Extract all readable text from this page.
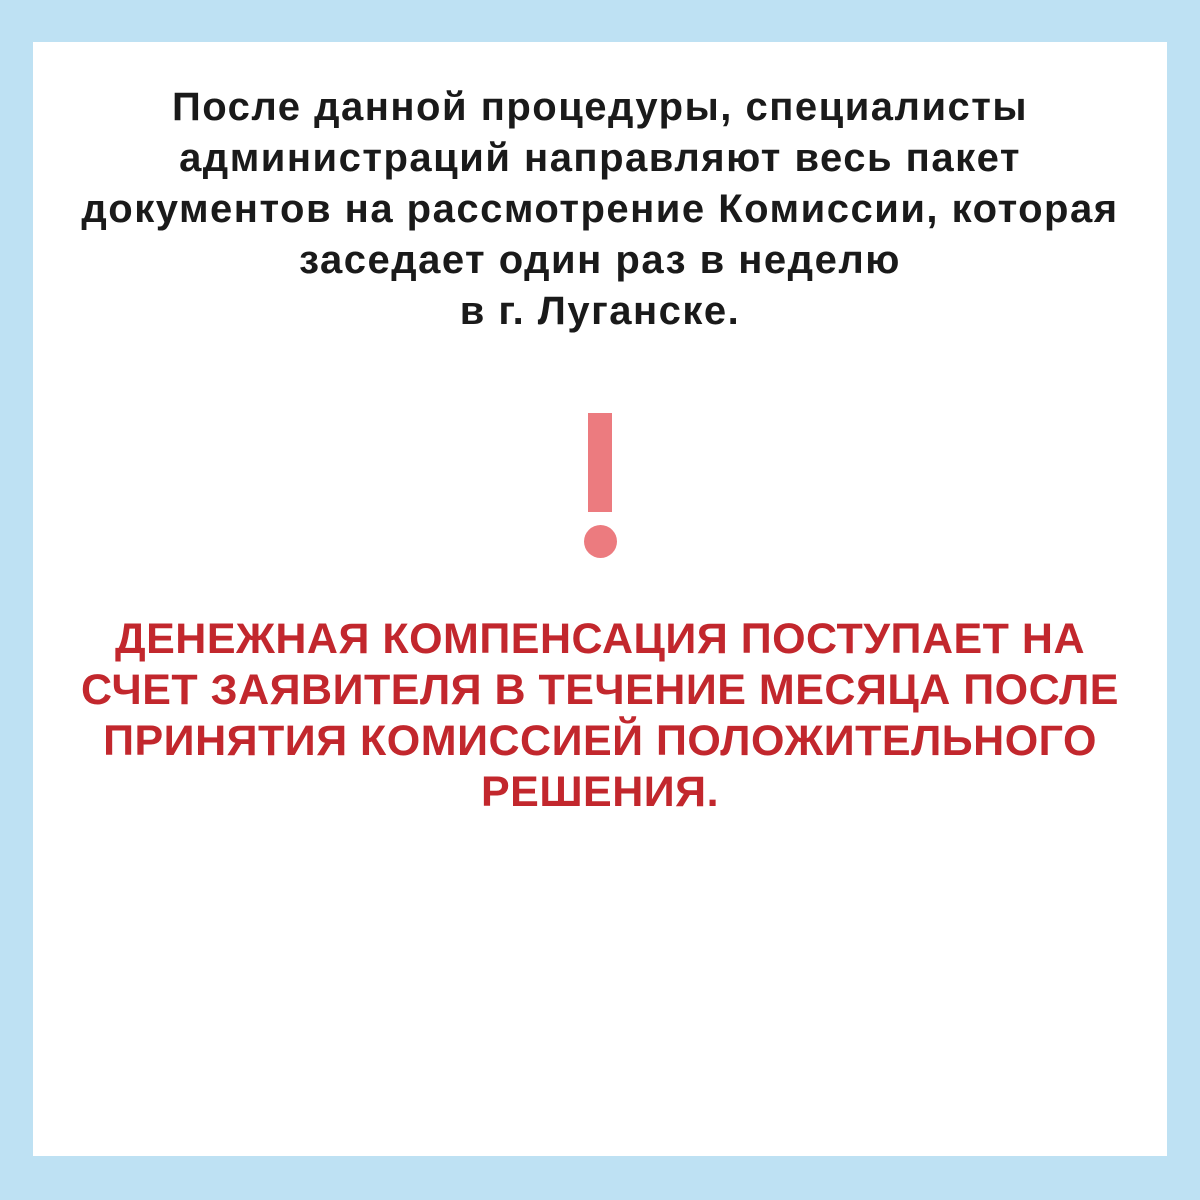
После данной процедуры, специалисты
администраций направляют весь пакет
документов на рассмотрение Комиссии, которая
заседает один раз в неделю
в г. Луганске.
ДЕНЕЖНАЯ КОМПЕНСАЦИЯ ПОСТУПАЕТ НА
СЧЕТ ЗАЯВИТЕЛЯ В ТЕЧЕНИЕ МЕСЯЦА ПОСЛЕ
ПРИНЯТИЯ КОМИССИЕЙ ПОЛОЖИТЕЛЬНОГО
РЕШЕНИЯ.
